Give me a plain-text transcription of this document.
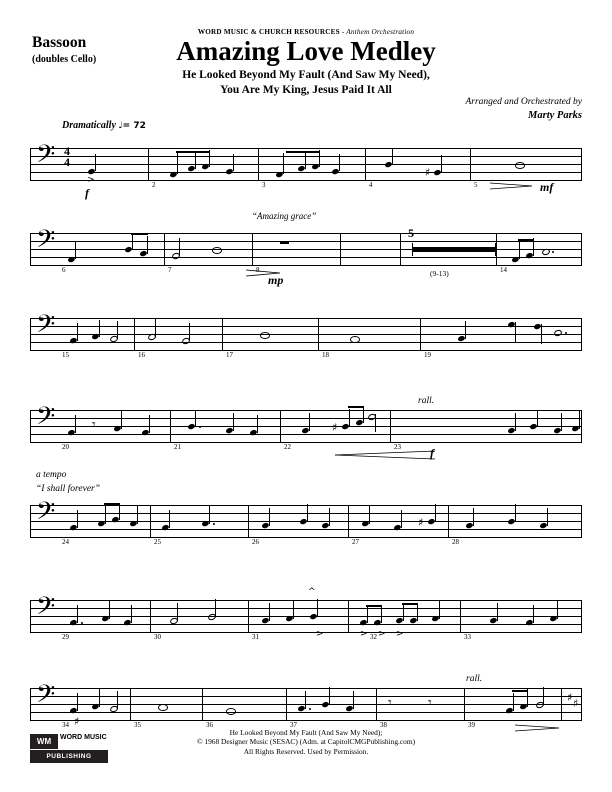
WORD MUSIC & CHURCH RESOURCES - Anthem Orchestration
Bassoon
(doubles Cello)	Amazing Love Medley
He Looked Beyond My Fault (And Saw My Need),
You Are My King, Jesus Paid It All
Arranged and Orchestrated by
Marty Parks
Dramatically ♩= 72
𝄢 4
4
>
♯
f	mf
2	3	4	5
“Amazing grace”
𝄢
(9-13)
mp
6	7	8	14
𝄢
15	16	17	18	19
rall.
𝄢	𝄾	♯
f
20	21	22	23
a tempo
“I shall forever”
𝄢	♯
24	25	26	27	28
𝄢	^
>	> > >
29	30	31	32	33
rall.
𝄢
♯
𝄾	𝄾	♯ ♯
34	35	36	37	38	39
He Looked Beyond My Fault (And Saw My Need);
© 1968 Designer Music (SESAC) (Adm. at CapitolCMGPublishing.com)
All Rights Reserved. Used by Permission.
WM	WORD MUSIC
PUBLISHING
